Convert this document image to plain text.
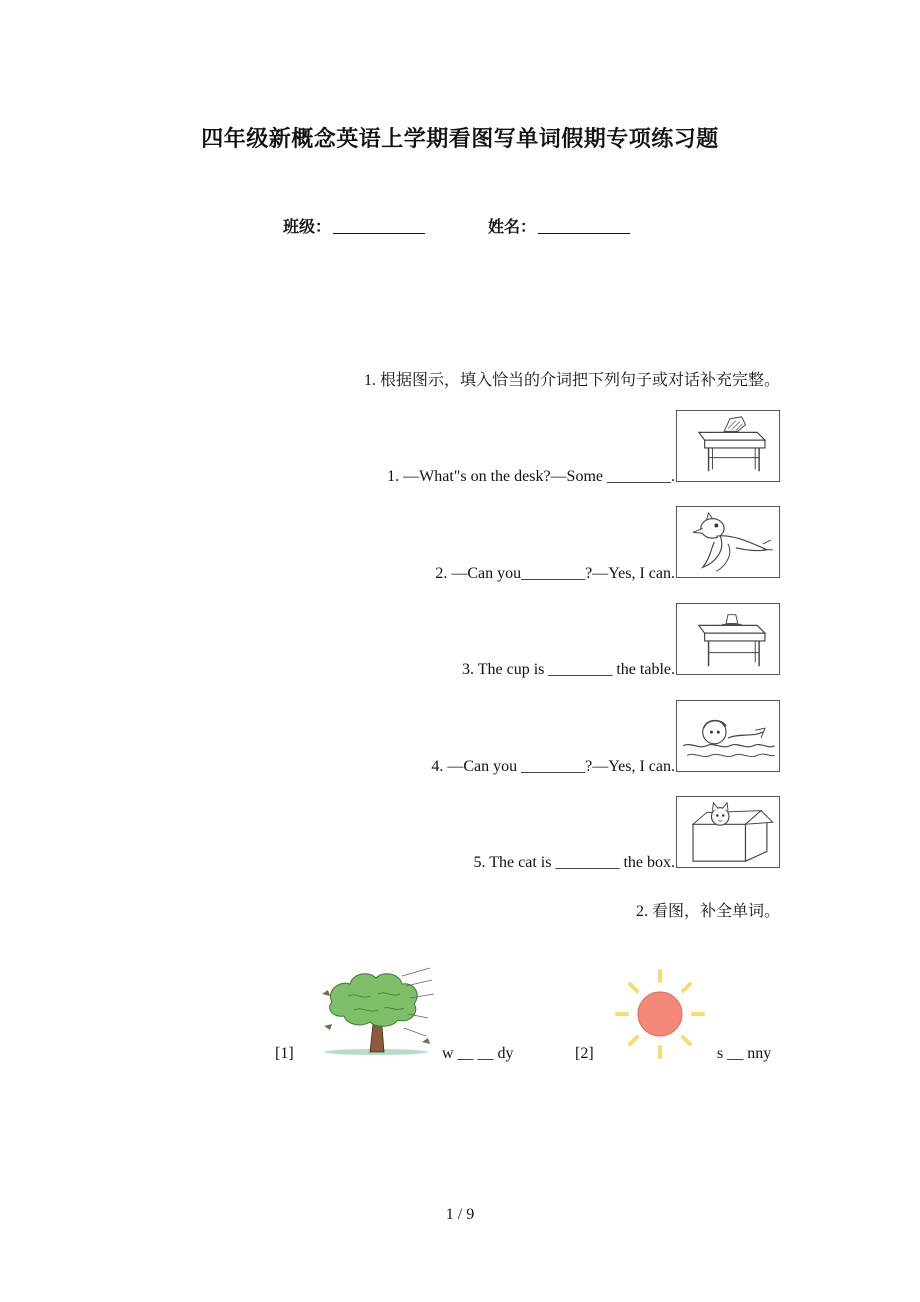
四年级新概念英语上学期看图写单词假期专项练习题
班级：	姓名：
1. 根据图示，填入恰当的介词把下列句子或对话补充完整。
1. —What"s on the desk?—Some ________.
2. —Can you________?—Yes, I can.
3. The cup is ________ the table.
4. —Can you ________?—Yes, I can.
5. The cat is ________ the box.
2. 看图，补全单词。
[1]	w __ __ dy	[2]	s __ nny
1 / 9
